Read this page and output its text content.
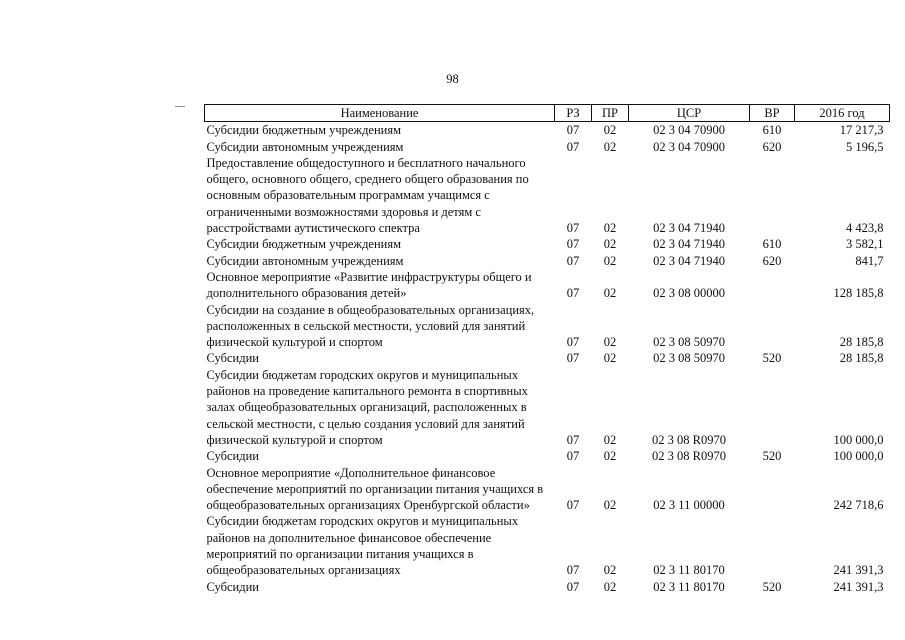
98
Наименование	РЗ	ПР	ЦСР	ВР	2016 год
Субсидии бюджетным учреждениям	07	02	02 3 04 70900	610	17 217,3
Субсидии автономным учреждениям	07	02	02 3 04 70900	620	5 196,5
Предоставление общедоступного и бесплатного начального общего, основного общего, среднего общего образования по основным образовательным программам учащимся с ограниченными возможностями здоровья и детям с расстройствами аутистического спектра	07	02	02 3 04 71940		4 423,8
Субсидии бюджетным учреждениям	07	02	02 3 04 71940	610	3 582,1
Субсидии автономным учреждениям	07	02	02 3 04 71940	620	841,7
Основное мероприятие «Развитие инфраструктуры общего и дополнительного образования детей»	07	02	02 3 08 00000		128 185,8
Субсидии на создание в общеобразовательных организациях, расположенных в сельской местности, условий для занятий физической культурой и спортом	07	02	02 3 08 50970		28 185,8
Субсидии	07	02	02 3 08 50970	520	28 185,8
Субсидии бюджетам городских округов и муниципальных районов на проведение капитального ремонта в спортивных залах общеобразовательных организаций, расположенных в сельской местности, с целью создания условий для занятий физической культурой и спортом	07	02	02 3 08 R0970		100 000,0
Субсидии	07	02	02 3 08 R0970	520	100 000,0
Основное мероприятие «Дополнительное финансовое обеспечение мероприятий по организации питания учащихся в общеобразовательных организациях Оренбургской области»	07	02	02 3 11 00000		242 718,6
Субсидии бюджетам городских округов и муниципальных районов на дополнительное финансовое обеспечение мероприятий по организации питания учащихся в общеобразовательных организациях	07	02	02 3 11 80170		241 391,3
Субсидии	07	02	02 3 11 80170	520	241 391,3
